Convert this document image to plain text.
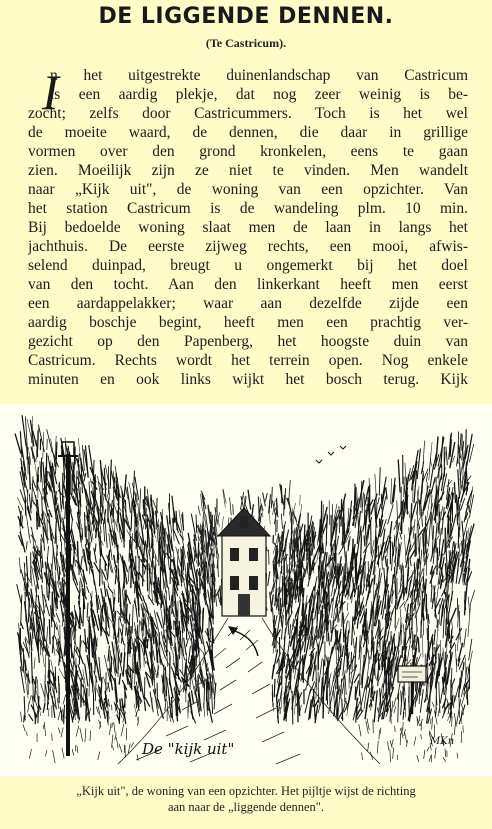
DE LIGGENDE DENNEN.
(Te Castricum).
I
n het uitgestrekte duinenlandschap van Castricum
is een aardig plekje, dat nog zeer weinig is be-
zocht; zelfs door Castricummers. Toch is het wel
de moeite waard, de dennen, die daar in grillige
vormen over den grond kronkelen, eens te gaan
zien. Moeilijk zijn ze niet te vinden. Men wandelt
naar „Kijk uit", de woning van een opzichter. Van
het station Castricum is de wandeling plm. 10 min.
Bij bedoelde woning slaat men de laan in langs het
jachthuis. De eerste zijweg rechts, een mooi, afwis-
selend duinpad, breugt u ongemerkt bij het doel
van den tocht. Aan den linkerkant heeft men eerst
een aardappelakker; waar aan dezelfde zijde een
aardig boschje begint, heeft men een prachtig ver-
gezicht op den Papenberg, het hoogste duin van
Castricum. Rechts wordt het terrein open. Nog enkele
minuten en ook links wijkt het bosch terug. Kijk
De "kijk uit"	MKn
„Kijk uit", de woning van een opzichter. Het pijltje wijst de richting
aan naar de „liggende dennen".
